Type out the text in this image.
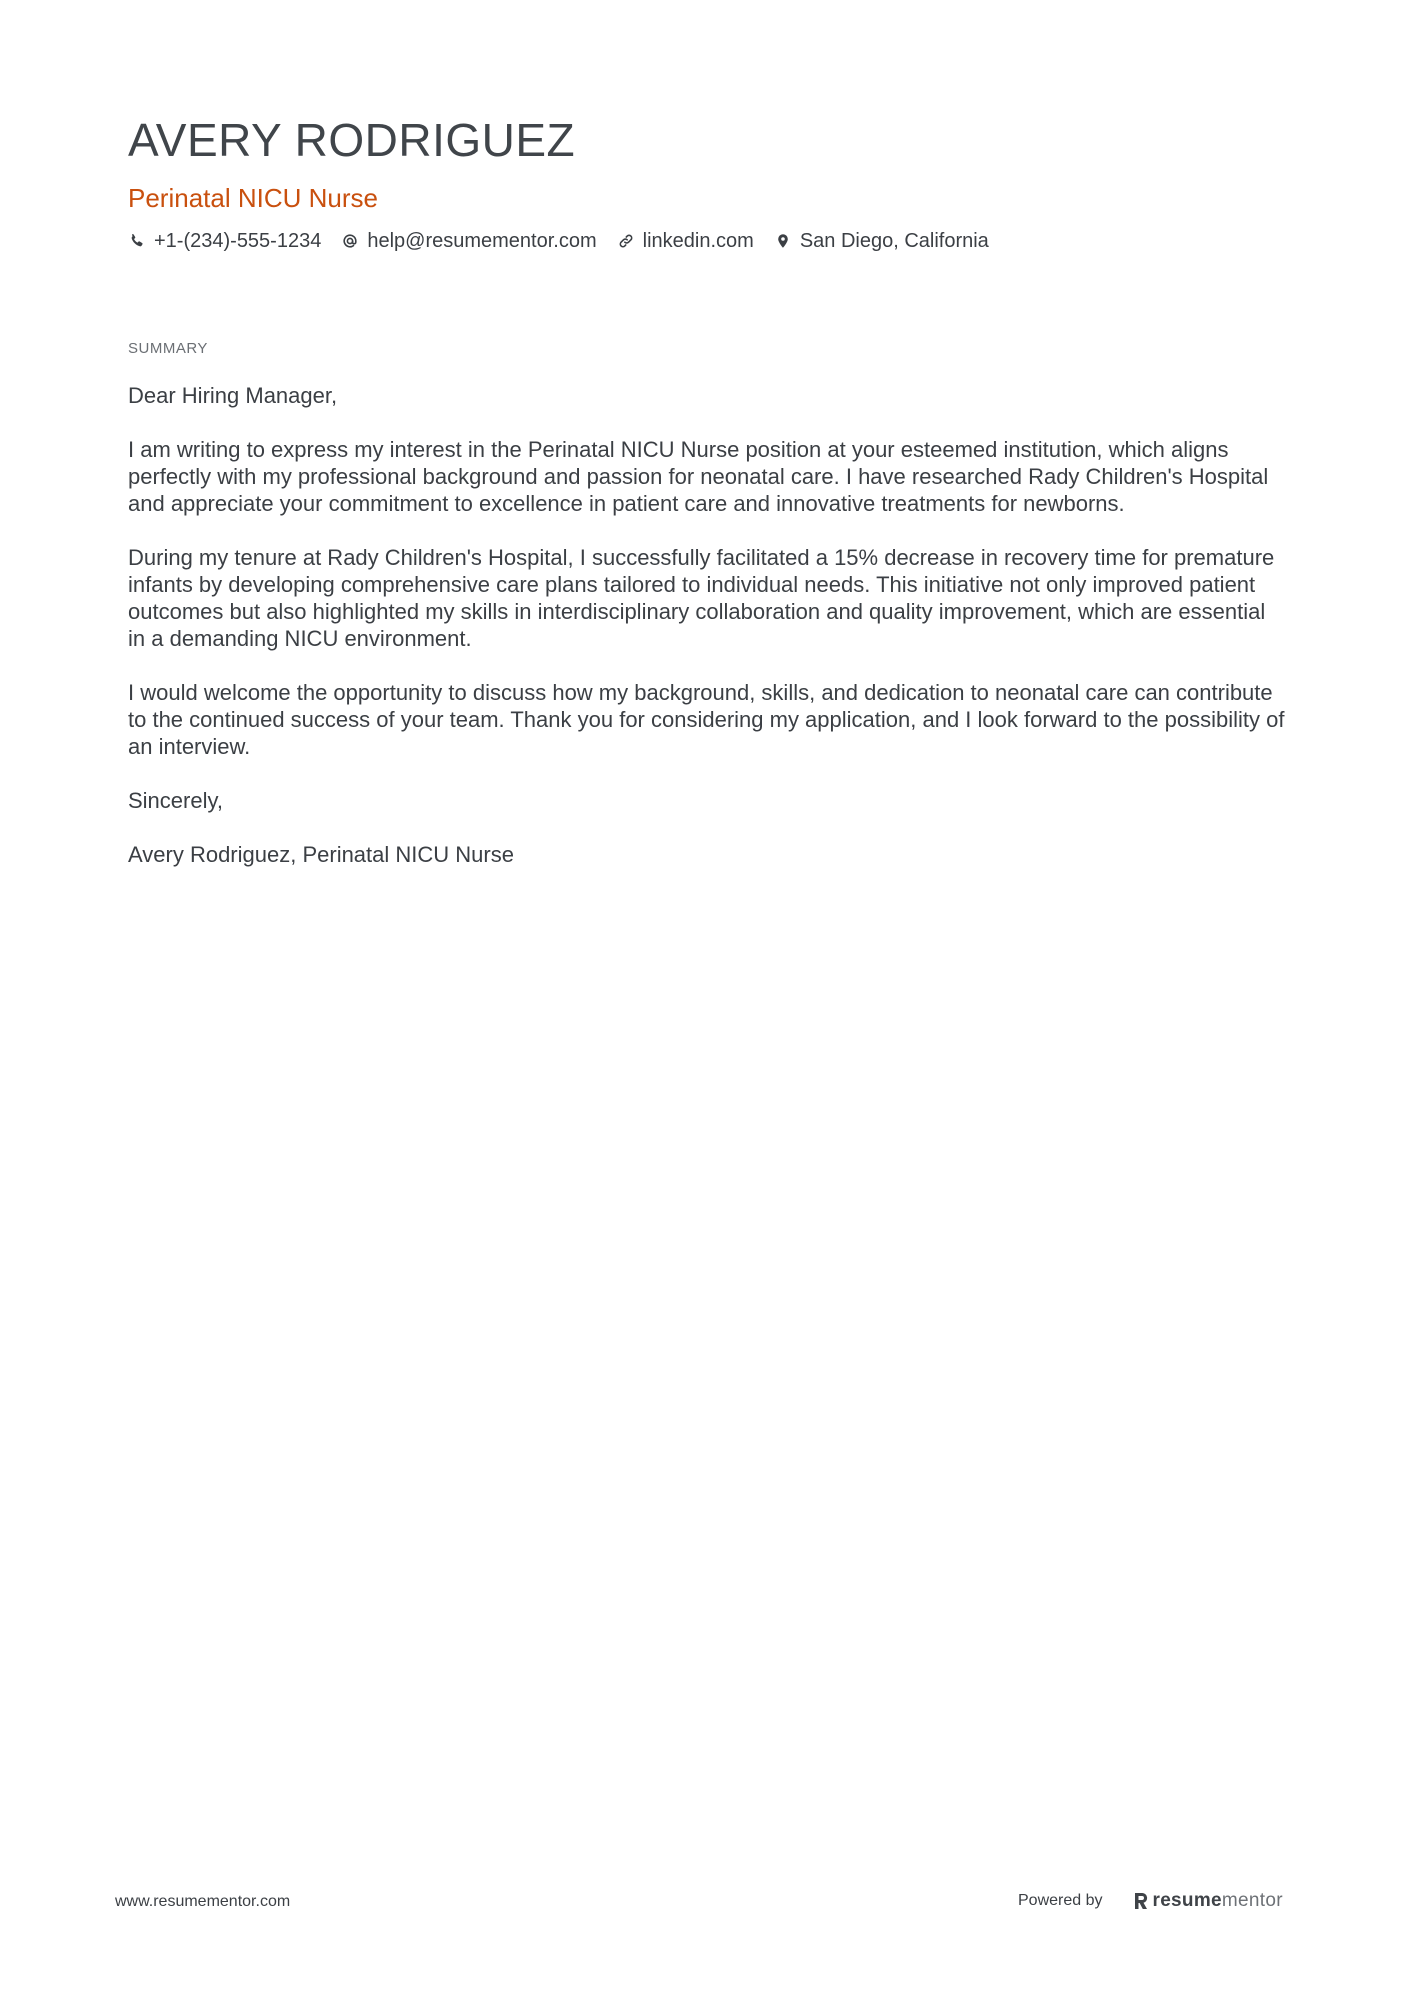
AVERY RODRIGUEZ
Perinatal NICU Nurse
+1-(234)-555-1234 help@resumementor.com linkedin.com San Diego, California
SUMMARY

Dear Hiring Manager,

I am writing to express my interest in the Perinatal NICU Nurse position at your esteemed institution, which aligns perfectly with my professional background and passion for neonatal care. I have researched Rady Children's Hospital and appreciate your commitment to excellence in patient care and innovative treatments for newborns.

During my tenure at Rady Children's Hospital, I successfully facilitated a 15% decrease in recovery time for premature infants by developing comprehensive care plans tailored to individual needs. This initiative not only improved patient outcomes but also highlighted my skills in interdisciplinary collaboration and quality improvement, which are essential in a demanding NICU environment.

I would welcome the opportunity to discuss how my background, skills, and dedication to neonatal care can contribute to the continued success of your team. Thank you for considering my application, and I look forward to the possibility of an interview.

Sincerely,

Avery Rodriguez, Perinatal NICU Nurse

www.resumementor.com	Powered by	resume mentor
